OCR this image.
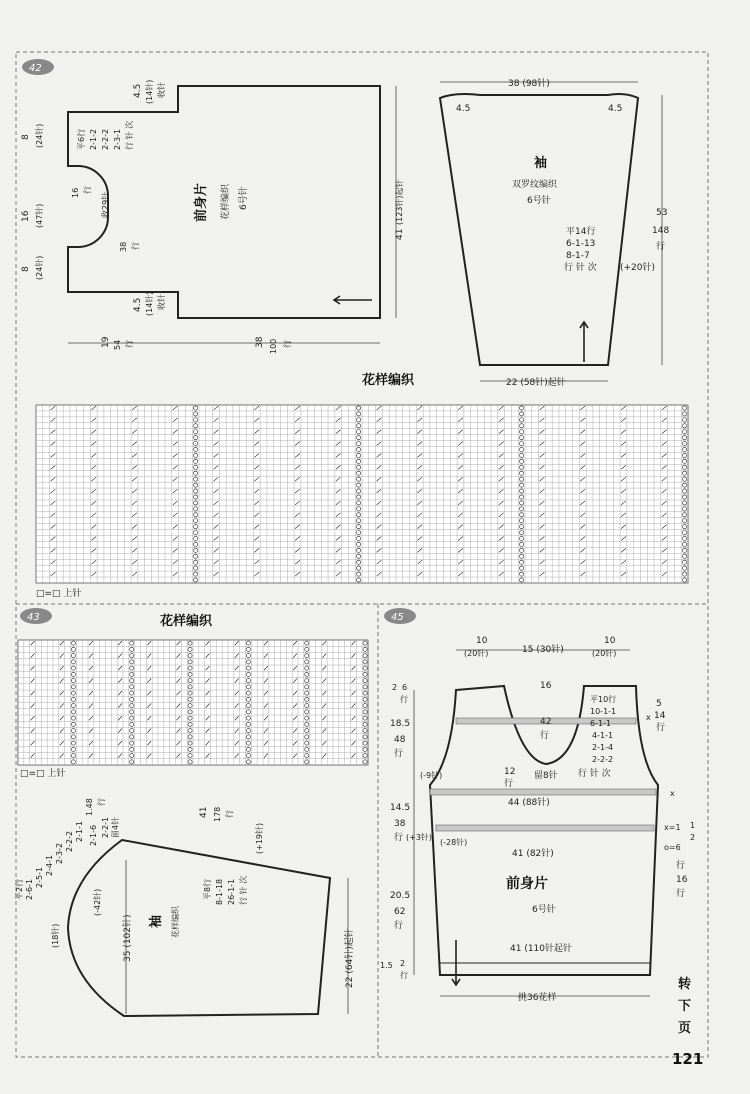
42
前身片 花样编织 6号针
4.5 (14针) 收针
8 (24针)	平6行 2-1-2 2-2-2 2-3-1 行 针 次
16 (47针)	收29针
16 行
38 行
8 (24针)
4.5 (14针) 收针
41
(123针)起针
19 54 行	38 100 行
38 (98针)
4.5	4.5
袖
双罗纹编织
6号针
平14行
6-1-13
8-1-7
行 针 次	(+20针)
53
148
行
22 (58针)起针
花样编织
□=□ 上针
43	花样编织
□=□ 上针
袖 花样编织
1.48 行
留4针
41 178 行
(+19针)
平2行 2-6-1
2-5-1
2-4-1
2-3-2
2-2-2 2-1-1 2-1-6 2-2-1
平8行 8-1-18 26-1-1 行 针 次
(-42针)
(18针)	35 (102针)	22 (64针)起针
45
10
(20针)	15 (30针)
10
(20针)
2 6
行
18.5
48
行
14.5
38
行
20.5
62
行
1.5 2
行
(-9针)
(+3针)
(-28针)
16
42
行
12
行
留8针
平10行
10-1-1
6-1-1
4-1-1
2-1-4
2-2-2
行 针 次
5
14
行
1
2
行
16
行
x
x
x=1
o=6
44 (88针)
41 (82针)
前身片
6号针
41 (110针起针
挑36花样
转
下
页
121
